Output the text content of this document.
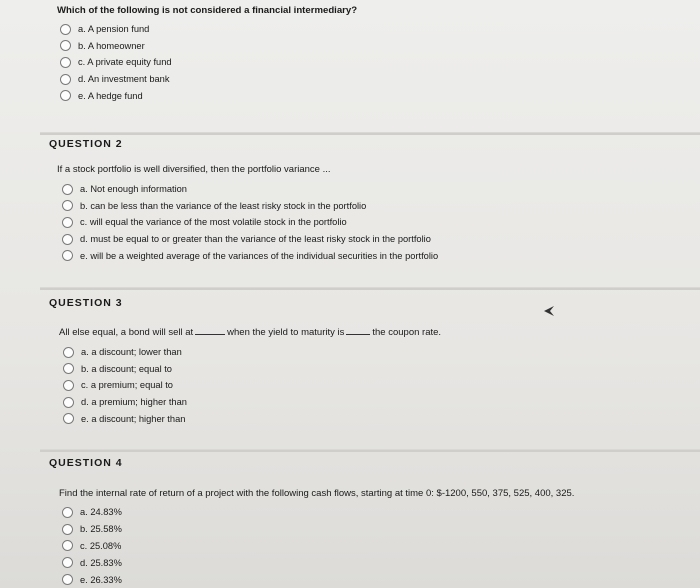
Which of the following is not considered a financial intermediary?

a. A pension fund
b. A homeowner
c. A private equity fund
d. An investment bank
e. A hedge fund

QUESTION 2

If a stock portfolio is well diversified, then the portfolio variance ...

a. Not enough information
b. can be less than the variance of the least risky stock in the portfolio
c. will equal the variance of the most volatile stock in the portfolio
d. must be equal to or greater than the variance of the least risky stock in the portfolio
e. will be a weighted average of the variances of the individual securities in the portfolio

QUESTION 3

All else equal, a bond will sell at	when the yield to maturity is	the coupon rate.

a. a discount; lower than
b. a discount; equal to
c. a premium; equal to
d. a premium; higher than
e. a discount; higher than

QUESTION 4

Find the internal rate of return of a project with the following cash flows, starting at time 0: $-1200, 550, 375, 525, 400, 325.

a. 24.83%
b. 25.58%
c. 25.08%
d. 25.83%
e. 26.33%
